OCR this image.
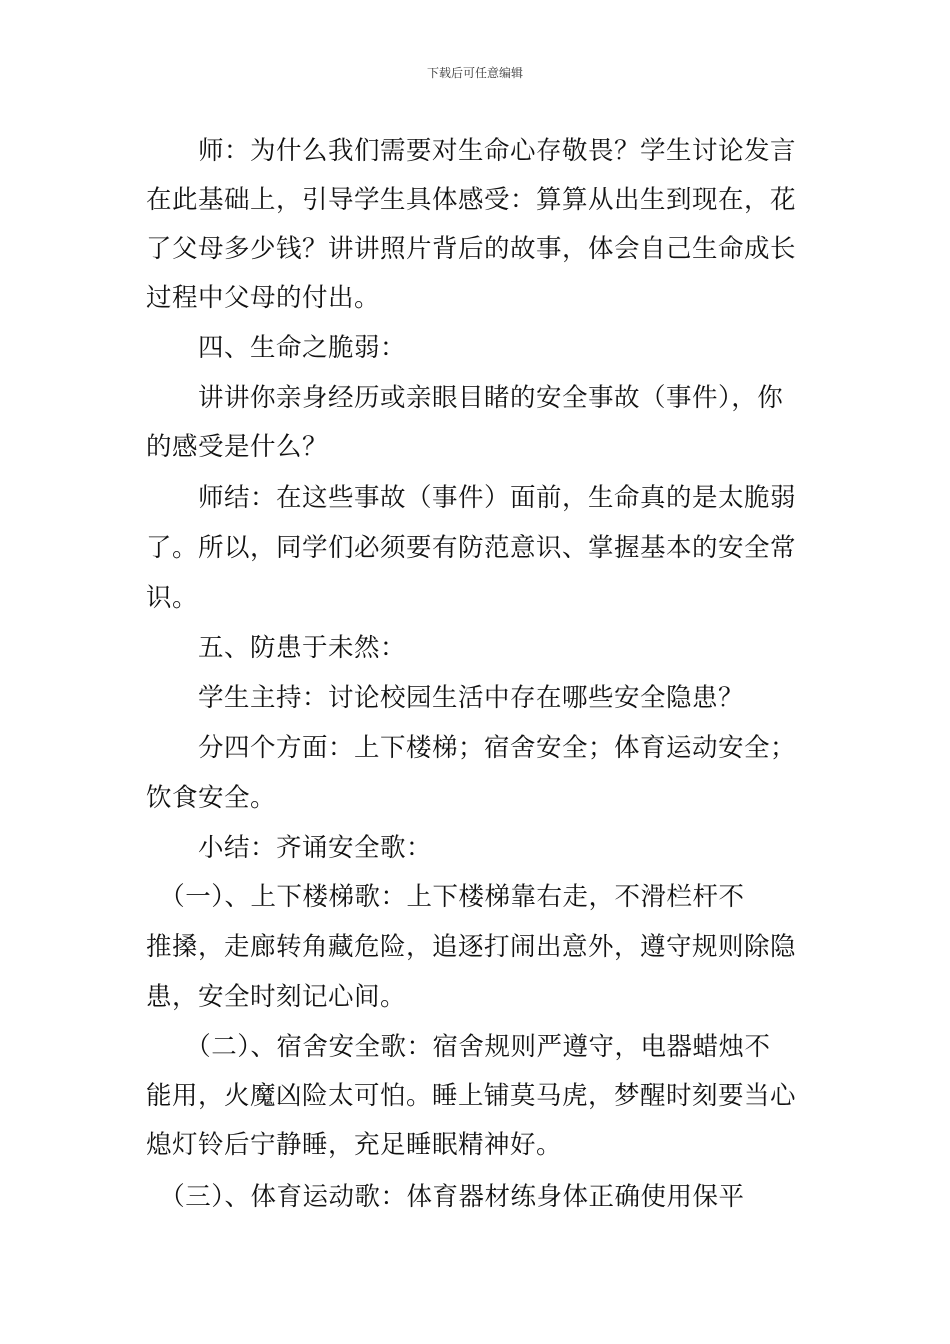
下载后可任意编辑
　　师：为什么我们需要对生命心存敬畏？学生讨论发言
在此基础上，引导学生具体感受：算算从出生到现在，花
了父母多少钱？讲讲照片背后的故事，体会自己生命成长
过程中父母的付出。
　　四、生命之脆弱：
　　讲讲你亲身经历或亲眼目睹的安全事故（事件），你
的感受是什么？
　　师结：在这些事故（事件）面前，生命真的是太脆弱
了。所以，同学们必须要有防范意识、掌握基本的安全常
识。
　　五、防患于未然：
　　学生主持：讨论校园生活中存在哪些安全隐患？
　　分四个方面：上下楼梯；宿舍安全；体育运动安全；
饮食安全。
　　小结：齐诵安全歌：
　（一）、上下楼梯歌：上下楼梯靠右走，不滑栏杆不
推搡，走廊转角藏危险，追逐打闹出意外，遵守规则除隐
患，安全时刻记心间。
　　（二）、宿舍安全歌：宿舍规则严遵守，电器蜡烛不
能用，火魔凶险太可怕。睡上铺莫马虎，梦醒时刻要当心
熄灯铃后宁静睡，充足睡眠精神好。
　（三）、体育运动歌：体育器材练身体正确使用保平
